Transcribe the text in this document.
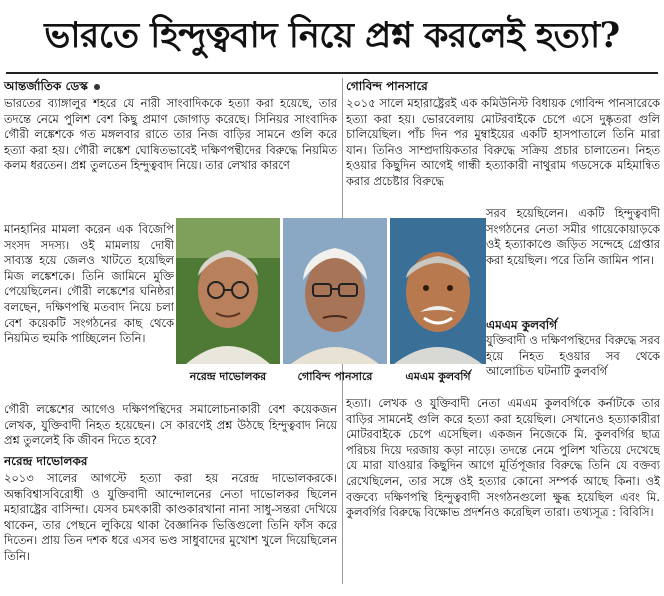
ভারতে হিন্দুত্ববাদ নিয়ে প্রশ্ন করলেই হত্যা?

আন্তর্জাতিক ডেস্ক

ভারতের ব্যাঙ্গালুর শহরে যে নারী সাংবাদিককে হত্যা করা হয়েছে, তার তদন্তে নেমে পুলিশ বেশ কিছু প্রমাণ জোগাড় করেছে। সিনিয়র সাংবাদিক গৌরী লঙ্কেশকে গত মঙ্গলবার রাতে তার নিজ বাড়ির সামনে গুলি করে হত্যা করা হয়। গৌরী লঙ্কেশ ঘোষিতভাবেই দক্ষিণপন্থীদের বিরুদ্ধে নিয়মিত কলম ধরতেন। প্রশ্ন তুলতেন হিন্দুত্ববাদ নিয়ে। তার লেখার কারণে

মানহানির মামলা করেন এক বিজেপি সংসদ সদস্য। ওই মামলায় দোষী সাব্যস্ত হয়ে জেলও খাটতে হয়েছিল মিজ লঙ্কেশকে। তিনি জামিনে মুক্তি পেয়েছিলেন। গৌরী লঙ্কেশের ঘনিষ্ঠরা বলছেন, দক্ষিণপন্থি মতবাদ নিয়ে চলা বেশ কয়েকটি সংগঠনের কাছ থেকে নিয়মিত হুমকি পাচ্ছিলেন তিনি।

গৌরী লঙ্কেশের আগেও দক্ষিণপন্থিদের সমালোচনাকারী বেশ কয়েকজন লেখক, যুক্তিবাদী নিহত হয়েছেন। সে কারণেই প্রশ্ন উঠছে হিন্দুত্ববাদ নিয়ে প্রশ্ন তুললেই কি জীবন দিতে হবে?

নরেন্দ্র দাভোলকর

২০১৩ সালের আগস্টে হত্যা করা হয় নরেন্দ্র দাভোলকরকে। অন্ধবিশ্বাসবিরোধী ও যুক্তিবাদী আন্দোলনের নেতা দাভোলকর ছিলেন মহারাষ্ট্রের বাসিন্দা। যেসব চমৎকারী কাণ্ডকারখানা নানা সাধু-সন্তরা দেখিয়ে থাকেন, তার পেছনে লুকিয়ে থাকা বৈজ্ঞানিক ভিত্তিগুলো তিনি ফাঁস করে দিতেন। প্রায় তিন দশক ধরে এসব ভণ্ড সাধুবাদের মুখোশ খুলে দিয়েছিলেন তিনি।

নরেন্দ্র দাভোলকর	গোবিন্দ পানসারে	এমএম কুলবর্গি

গোবিন্দ পানসারে

২০১৫ সালে মহারাষ্ট্রেরই এক কমিউনিস্ট বিধায়ক গোবিন্দ পানসারেকে হত্যা করা হয়। ভোরবেলায় মোটরবাইকে চেপে এসে দুষ্কৃতরা গুলি চালিয়েছিল। পাঁচ দিন পর মুম্বাইয়ের একটি হাসপাতালে তিনি মারা যান। তিনিও সাম্প্রদায়িকতার বিরুদ্ধে সক্রিয় প্রচার চালাতেন। নিহত হওয়ার কিছুদিন আগেই গান্ধী হত্যাকারী নাথুরাম গডসেকে মহিমান্বিত করার প্রচেষ্টার বিরুদ্ধে

সরব হয়েছিলেন। একটি হিন্দুত্ববাদী সংগঠনের নেতা সমীর গায়েকোয়াড়কে ওই হত্যাকাণ্ডে জড়িত সন্দেহে গ্রেপ্তার করা হয়েছিল। পরে তিনি জামিন পান।

এমএম কুলবর্গি

যুক্তিবাদী ও দক্ষিণপন্থিদের বিরুদ্ধে সরব হয়ে নিহত হওয়ার সব থেকে আলোচিত ঘটনাটি কুলবর্গি

হত্যা। লেখক ও যুক্তিবাদী নেতা এমএম কুলবর্গিকে কর্নাটকে তার বাড়ির সামনেই গুলি করে হত্যা করা হয়েছিল। সেখানেও হত্যাকারীরা মোটরবাইকে চেপে এসেছিল। একজন নিজেকে মি. কুলবর্গির ছাত্র পরিচয় দিয়ে দরজায় কড়া নাড়ে। তদন্তে নেমে পুলিশ খতিয়ে দেখেছে যে মারা যাওয়ার কিছুদিন আগে মূর্তিপূজার বিরুদ্ধে তিনি যে বক্তব্য রেখেছিলেন, তার সঙ্গে ওই হত্যার কোনো সম্পর্ক আছে কিনা। ওই বক্তব্যে দক্ষিণপন্থি হিন্দুত্ববাদী সংগঠনগুলো ক্ষুব্ধ হয়েছিল এবং মি. কুলবর্গির বিরুদ্ধে বিক্ষোভ প্রদর্শনও করেছিল তারা। তথ্যসূত্র : বিবিসি।
